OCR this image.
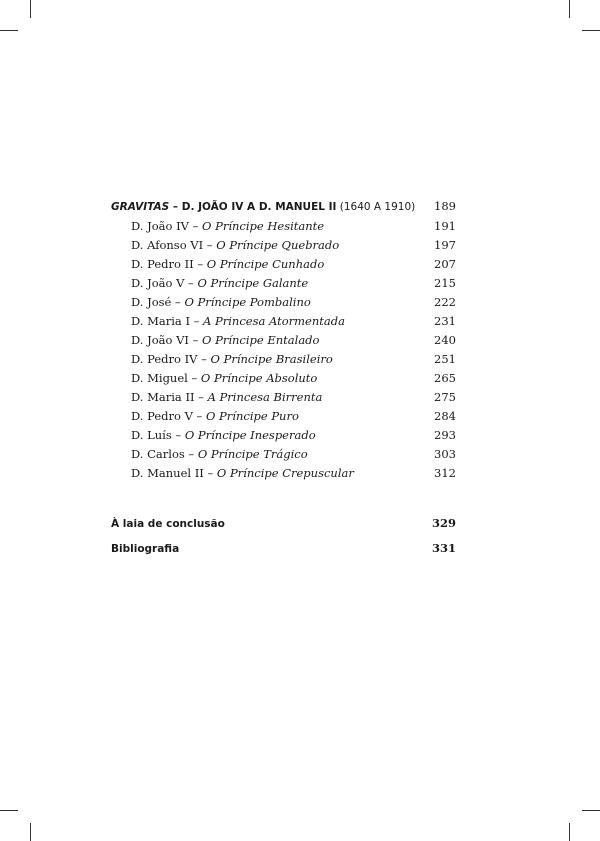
GRAVITAS – D. JOÃO IV A D. MANUEL II (1640 A 1910) 189
D. João IV – O Príncipe Hesitante	191
D. Afonso VI – O Príncipe Quebrado	197
D. Pedro II – O Príncipe Cunhado	207
D. João V – O Príncipe Galante	215
D. José – O Príncipe Pombalino	222
D. Maria I – A Princesa Atormentada	231
D. João VI – O Príncipe Entalado	240
D. Pedro IV – O Príncipe Brasileiro	251
D. Miguel – O Príncipe Absoluto	265
D. Maria II – A Princesa Birrenta	275
D. Pedro V – O Príncipe Puro	284
D. Luís – O Príncipe Inesperado	293
D. Carlos – O Príncipe Trágico	303
D. Manuel II – O Príncipe Crepuscular	312
À laia de conclusão	329
Bibliografia	331
